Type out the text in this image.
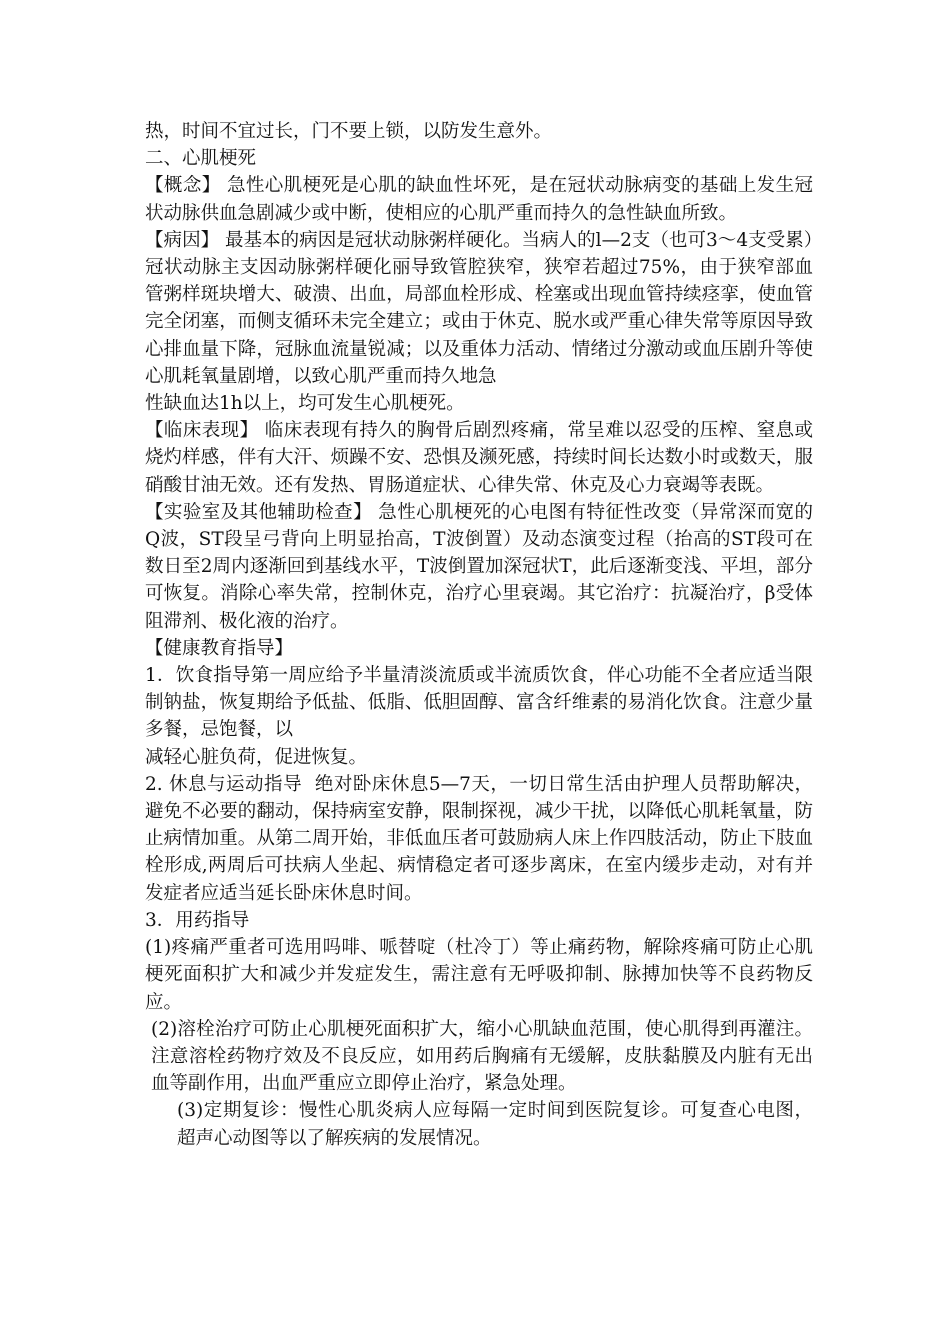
热，时间不宜过长，门不要上锁，以防发生意外。

二、心肌梗死

【概念】 急性心肌梗死是心肌的缺血性坏死，是在冠状动脉病变的基础上发生冠状动脉供血急剧减少或中断，使相应的心肌严重而持久的急性缺血所致。

【病因】 最基本的病因是冠状动脉粥样硬化。当病人的l—2支（也可3～4支受累）冠状动脉主支因动脉粥样硬化丽导致管腔狭窄，狭窄若超过75%，由于狭窄部血管粥样斑块增大、破溃、出血，局部血栓形成、栓塞或出现血管持续痉挛，使血管完全闭塞，而侧支循环未完全建立；或由于休克、脱水或严重心律失常等原因导致心排血量下降，冠脉血流量锐减；以及重体力活动、情绪过分激动或血压剧升等使心肌耗氧量剧增，以致心肌严重而持久地急

性缺血达1h以上，均可发生心肌梗死。

【临床表现】 临床表现有持久的胸骨后剧烈疼痛，常呈难以忍受的压榨、窒息或烧灼样感，伴有大汗、烦躁不安、恐惧及濒死感，持续时间长达数小时或数天，服硝酸甘油无效。还有发热、胃肠道症状、心律失常、休克及心力衰竭等表既。

【实验室及其他辅助检查】 急性心肌梗死的心电图有特征性改变（异常深而宽的Q波，ST段呈弓背向上明显抬高，T波倒置）及动态演变过程（抬高的ST段可在数日至2周内逐渐回到基线水平，T波倒置加深冠状T，此后逐渐变浅、平坦，部分可恢复。消除心率失常，控制休克，治疗心里衰竭。其它治疗：抗凝治疗，β受体阻滞剂、极化液的治疗。

【健康教育指导】

1．饮食指导第一周应给予半量清淡流质或半流质饮食，伴心功能不全者应适当限制钠盐，恢复期给予低盐、低脂、低胆固醇、富含纤维素的易消化饮食。注意少量多餐，忌饱餐，以

减轻心脏负荷，促进恢复。

2. 休息与运动指导  绝对卧床休息5—7天，一切日常生活由护理人员帮助解决，避免不必要的翻动，保持病室安静，限制探视，减少干扰，以降低心肌耗氧量，防止病情加重。从第二周开始，非低血压者可鼓励病人床上作四肢活动，防止下肢血栓形成,两周后可扶病人坐起、病情稳定者可逐步离床，在室内缓步走动，对有并发症者应适当延长卧床休息时间。

3．用药指导

(1)疼痛严重者可选用吗啡、哌替啶（杜冷丁）等止痛药物，解除疼痛可防止心肌梗死面积扩大和减少并发症发生，需注意有无呼吸抑制、脉搏加快等不良药物反应。

(2)溶栓治疗可防止心肌梗死面积扩大，缩小心肌缺血范围，使心肌得到再灌注。注意溶栓药物疗效及不良反应，如用药后胸痛有无缓解，皮肤黏膜及内脏有无出血等副作用，出血严重应立即停止治疗，紧急处理。

(3)定期复诊：慢性心肌炎病人应每隔一定时间到医院复诊。可复查心电图，超声心动图等以了解疾病的发展情况。
